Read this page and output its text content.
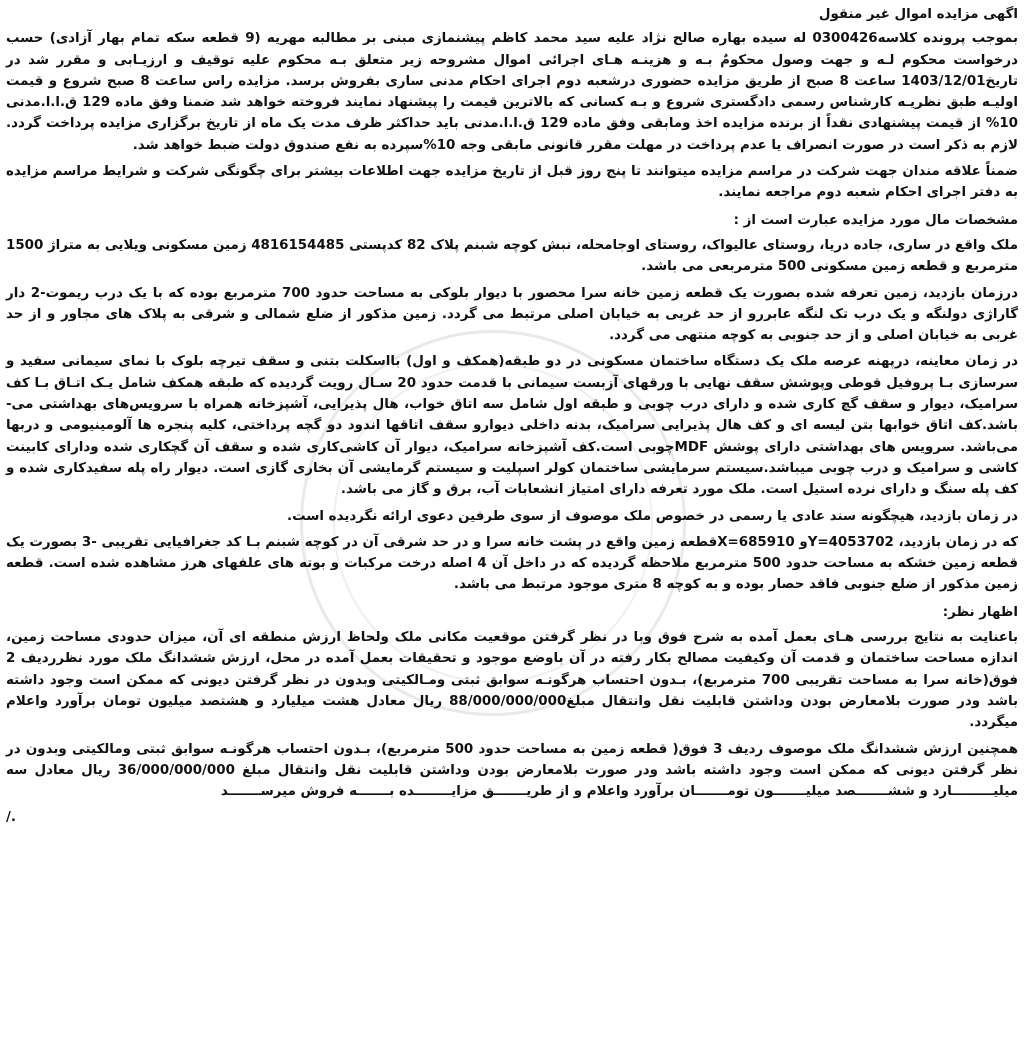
اگهی مزایده اموال غیر منقول

بموجب پرونده کلاسه0300426 له سیده بهاره صالح نژاد علیه سید محمد کاظم پیشنمازی مبنی بر مطالبه مهریه (9 قطعه سکه تمام بهار آزادی) حسب درخواست محکوم لـه و جهت وصول محکومٌ بـه و هزینـه هـای اجرائی اموال مشروحه زیر متعلق بـه محکوم علیه توقیف و ارزیـابی و مقرر شد در تاریخ1403/12/01 ساعت 8 صبح از طریق مزایده حضوری درشعبه دوم اجرای احکام مدنی ساری بفروش برسد. مزایده راس ساعت 8 صبح شروع و قیمت اولیـه طبق نظریـه کارشناس رسمی دادگستری شروع و بـه کسانی که بالاترین قیمت را پیشنهاد نمایند فروخته خواهد شد ضمنا وفق ماده 129 ق.ا.ا.مدنی 10% از قیمت پیشنهادی نقداً از برنده مزایده اخذ ومابقی وفق ماده 129 ق.ا.ا.مدنی باید حداکثر ظرف مدت یک ماه از تاریخ برگزاری مزایده پرداخت گردد. لازم به ذکر است در صورت انصراف یا عدم پرداخت در مهلت مقرر قانونی مابقی وجه 10%سپرده به نفع صندوق دولت ضبط خواهد شد.

ضمناً علاقه مندان جهت شرکت در مراسم مزایده میتوانند تا پنج روز قبل از تاریخ مزایده جهت اطلاعات بیشتر برای چگونگی شرکت و شرایط مراسم مزایده به دفتر اجرای احکام شعبه دوم مراجعه نمایند.

مشخصات مال مورد مزایده عبارت است از :

ملک واقع در ساری، جاده دریا، روستای عالیواک، روستای اوجامحله، نبش کوچه شبنم پلاک 82 کدپستی 4816154485 زمین مسکونی ویلایی به متراژ 1500 مترمربع و قطعه زمین مسکونی 500 مترمربعی می باشد.

درزمان بازدید، زمین تعرفه شده بصورت یک قطعه زمین خانه سرا محصور با دیوار بلوکی به مساحت حدود 700 مترمربع بوده که با یک درب ریموت-2 دار گاراژی دولنگه و یک درب تک لنگه عابررو از حد غربی به خیابان اصلی مرتبط می گردد. زمین مذکور از ضلع شمالی و شرقی به پلاک های مجاور و از حد غربی به خیابان اصلی و از حد جنوبی به کوچه منتهی می گردد.

در زمان معاینه، درپهنه عرصه ملک یک دستگاه ساختمان مسکونی در دو طبقه(همکف و اول) بااسکلت بتنی و سقف تیرچه بلوک با نمای سیمانی سفید و سرسازی بـا پروفیل قوطی وپوشش سقف نهایی با ورقهای آزبست سیمانی با قدمت حدود 20 سـال رویت گردیده که طبقه همکف شامل یـک اتـاق بـا کف سرامیک، دیوار و سقف گچ کاری شده و دارای درب چوبی و طبقه اول شامل سه اتاق خواب، هال پذیرایی، آشپزخانه همراه با سرویس‌های بهداشتی می-باشد.کف اتاق خوابها بتن لیسه ای و کف هال پذیرایی سرامیک، بدنه داخلی دیوارو سقف اتاقها اندود دو گچه پرداختی، کلیه پنجره ها آلومینیومی و دربها می‌باشد. سرویس های بهداشتی دارای پوشش MDFچوبی است.کف آشپزخانه سرامیک، دیوار آن کاشی‌کاری شده و سقف آن گچکاری شده ودارای کابینت کاشی و سرامیک و درب چوبی میباشد.سیستم سرمایشی ساختمان کولر اسپلیت و سیستم گرمایشی آن بخاری گازی است. دیوار راه پله سفیدکاری شده و کف پله سنگ و دارای نرده استیل است. ملک مورد تعرفه دارای امتیاز انشعابات آب، برق و گاز می باشد.

در زمان بازدید، هیچگونه سند عادی یا رسمی در خصوص ملک موصوف از سوی طرفین دعوی ارائه نگردیده است.

که در زمان بازدید، Y=4053702و X=685910قطعه زمین واقع در پشت خانه سرا و در حد شرقی آن در کوچه شبنم بـا کد جغرافیایی تقریبی -3 بصورت یک قطعه زمین خشکه به مساحت حدود 500 مترمربع ملاحظه گردیده که در داخل آن 4 اصله درخت مرکبات و بوته های علفهای هرز مشاهده شده است. قطعه زمین مذکور از ضلع جنوبی فاقد حصار بوده و به کوچه 8 متری موجود مرتبط می باشد.

اظهار نظر:

باعنایت به نتایج بررسی هـای بعمل آمده به شرح فوق وبا در نظر گرفتن موقعیت مکانی ملک ولحاظ ارزش منطقه ای آن، میزان حدودی مساحت زمین، اندازه مساحت ساختمان و قدمت آن وکیفیت مصالح بکار رفته در آن باوضع موجود و تحقیقات بعمل آمده در محل، ارزش ششدانگ ملک مورد نظرردیف 2 فوق(خانه سرا به مساحت تقریبی 700 مترمربع)، بـدون احتساب هرگونـه سوابق ثبتی ومـالکیتی وبدون در نظر گرفتن دیونی که ممکن است وجود داشته باشد ودر صورت بلامعارض بودن وداشتن قابلیت نقل وانتقال مبلغ88/000/000/000 ریال معادل هشت میلیارد و هشتصد میلیون تومان برآورد واعلام میگردد.

همچنین ارزش ششدانگ ملک موصوف ردیف 3 فوق( قطعه زمین به مساحت حدود 500 مترمربع)، بـدون احتساب هرگونـه سوابق ثبتی ومالکیتی وبدون در نظر گرفتن دیونی که ممکن است وجود داشته باشد ودر صورت بلامعارض بودن وداشتن قابلیت نقل وانتقال مبلغ 36/000/000/000 ریال معادل سه میلیـــــــــارد و ششـــــــصد میلیـــــــون تومـــــــان برآورد واعلام و از طریـــــــق مزایــــــــده بـــــــه فروش میرســـــــد

/.
